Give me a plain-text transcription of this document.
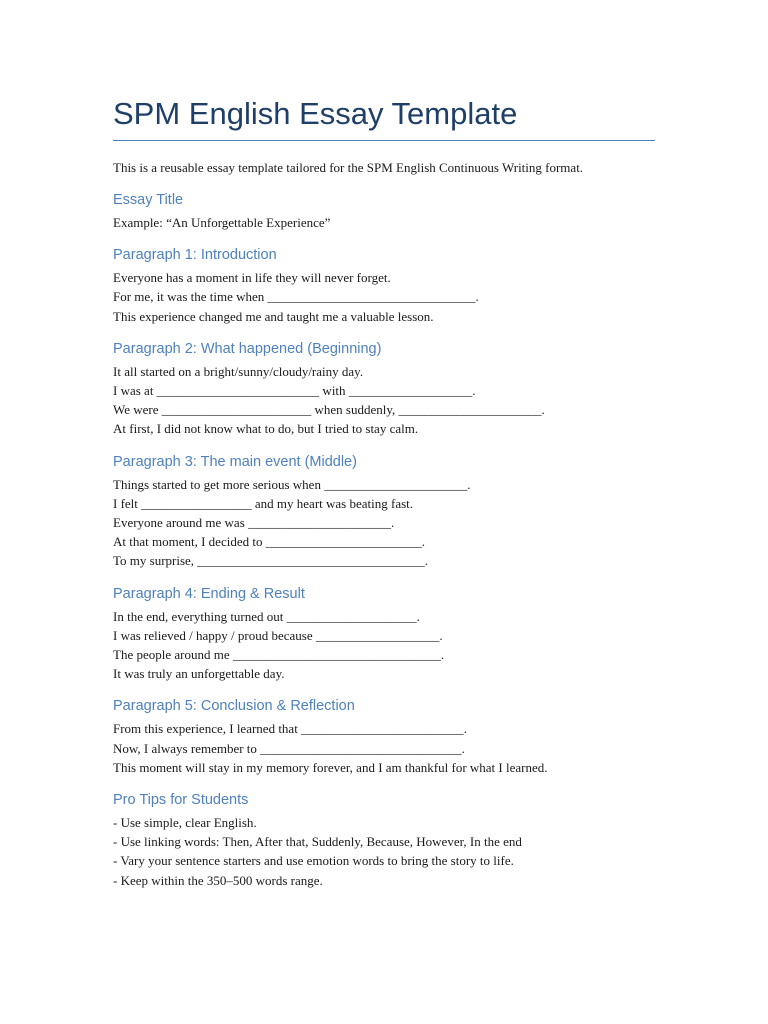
SPM English Essay Template
This is a reusable essay template tailored for the SPM English Continuous Writing format.
Essay Title
Example: “An Unforgettable Experience”
Paragraph 1: Introduction
Everyone has a moment in life they will never forget.
For me, it was the time when ________________________________.
This experience changed me and taught me a valuable lesson.
Paragraph 2: What happened (Beginning)
It all started on a bright/sunny/cloudy/rainy day.
I was at _________________________ with ___________________.
We were _______________________ when suddenly, ______________________.
At first, I did not know what to do, but I tried to stay calm.
Paragraph 3: The main event (Middle)
Things started to get more serious when ______________________.
I felt _________________ and my heart was beating fast.
Everyone around me was ______________________.
At that moment, I decided to ________________________.
To my surprise, ___________________________________.
Paragraph 4: Ending & Result
In the end, everything turned out ____________________.
I was relieved / happy / proud because ___________________.
The people around me ________________________________.
It was truly an unforgettable day.
Paragraph 5: Conclusion & Reflection
From this experience, I learned that _________________________.
Now, I always remember to _______________________________.
This moment will stay in my memory forever, and I am thankful for what I learned.
Pro Tips for Students
- Use simple, clear English.
- Use linking words: Then, After that, Suddenly, Because, However, In the end
- Vary your sentence starters and use emotion words to bring the story to life.
- Keep within the 350–500 words range.
